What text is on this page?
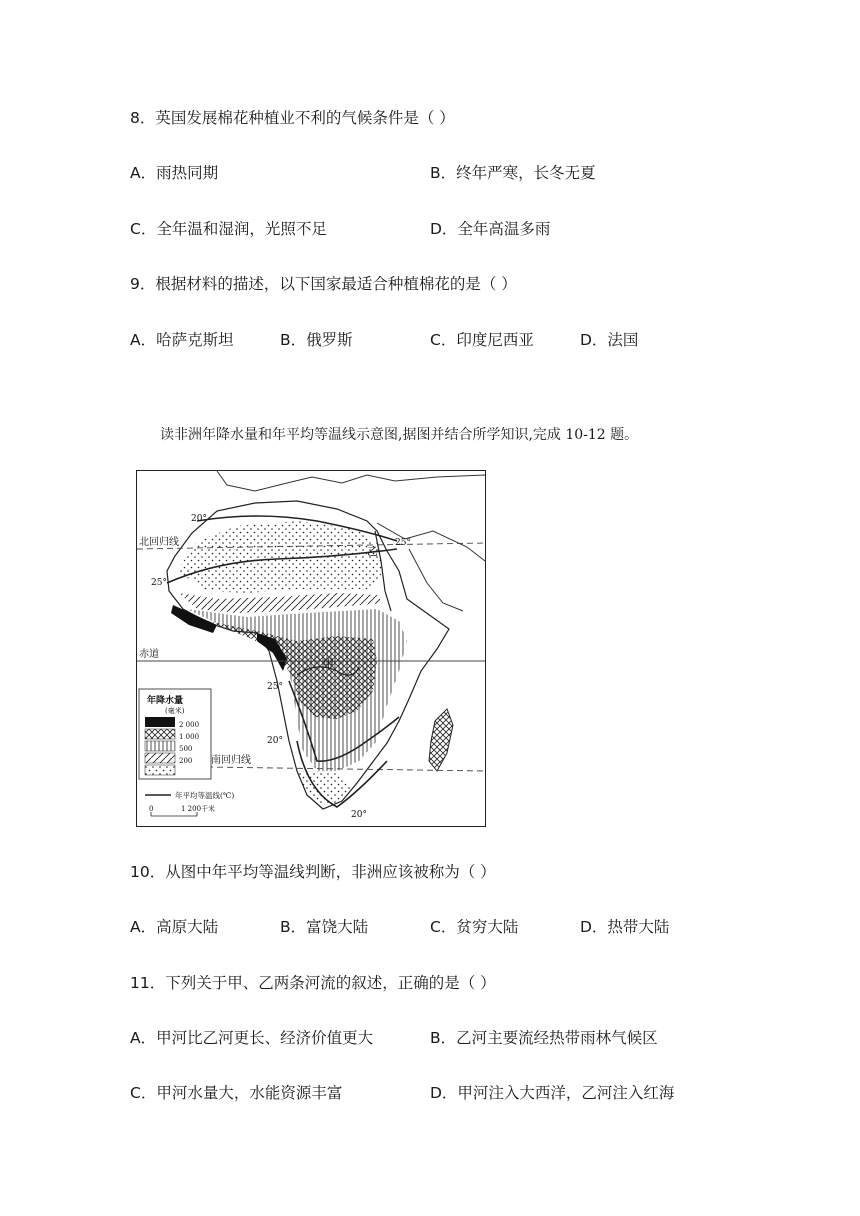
8．英国发展棉花种植业不利的气候条件是（ ）
A．雨热同期	B．终年严寒，长冬无夏
C．全年温和湿润，光照不足	D．全年高温多雨
9．根据材料的描述，以下国家最适合种植棉花的是（ ）
A．哈萨克斯坦	B．俄罗斯	C．印度尼西亚	D．法国
读非洲年降水量和年平均等温线示意图,据图并结合所学知识,完成 10-12 题。
北回归线
赤道
南回归线
甲
乙
20°
25°
25°
25°
20°
20°
年降水量
(毫米)
2 000
1 000
500
200
年平均等温线(℃)
0	1 200千米
10．从图中年平均等温线判断，非洲应该被称为（ ）
A．高原大陆	B．富饶大陆	C．贫穷大陆	D．热带大陆
11．下列关于甲、乙两条河流的叙述，正确的是（ ）
A．甲河比乙河更长、经济价值更大	B．乙河主要流经热带雨林气候区
C．甲河水量大，水能资源丰富	D．甲河注入大西洋，乙河注入红海
